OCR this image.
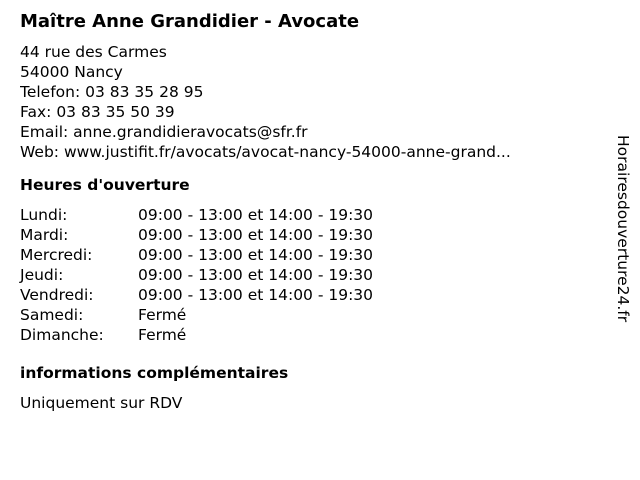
Maître Anne Grandidier - Avocate
44 rue des Carmes
54000 Nancy
Telefon: 03 83 35 28 95
Fax: 03 83 35 50 39
Email: anne.grandidieravocats@sfr.fr
Web: www.justifit.fr/avocats/avocat-nancy-54000-anne-grand...
Heures d'ouverture
Lundi:	09:00 - 13:00 et 14:00 - 19:30
Mardi:	09:00 - 13:00 et 14:00 - 19:30
Mercredi:	09:00 - 13:00 et 14:00 - 19:30
Jeudi:	09:00 - 13:00 et 14:00 - 19:30
Vendredi:	09:00 - 13:00 et 14:00 - 19:30
Samedi:	Fermé
Dimanche:	Fermé
informations complémentaires
Uniquement sur RDV
Horairesdouverture24.fr
